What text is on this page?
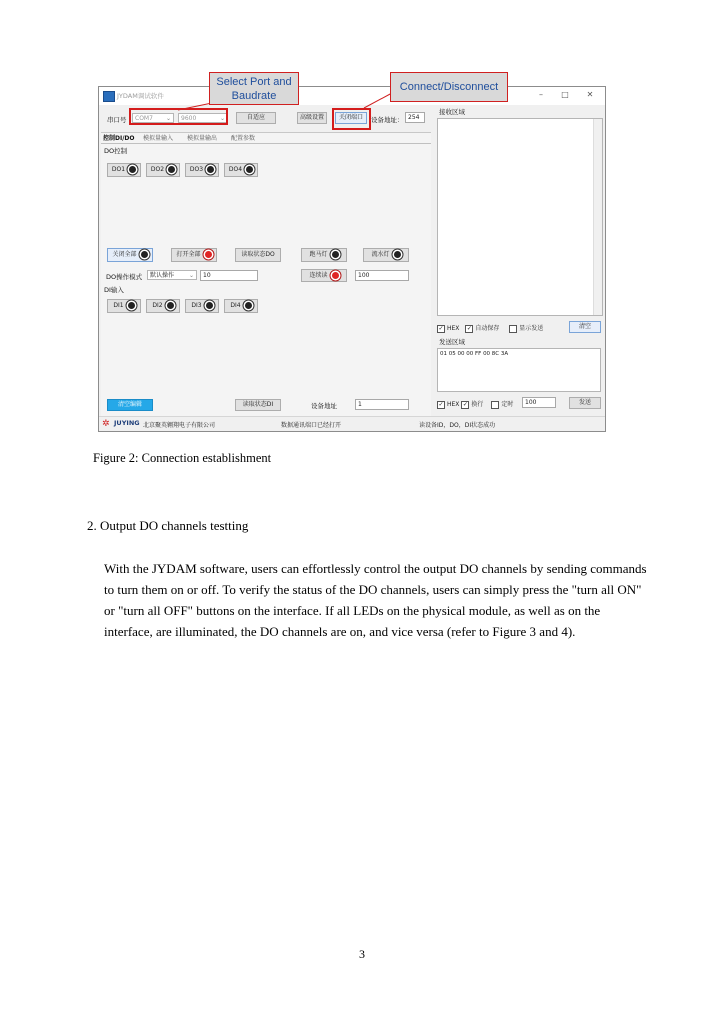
JYDAM调试软件	–	□	✕
串口号	COM7 ⌄	9600	⌄	自适应	高级设置	关闭端口	设备地址： 254
接收区域
控制DI/DO 模拟量输入 模拟量输出 配置参数
DO控制
DO1	DO2	DO3	DO4
关闭全部	打开全部	读取状态DO	跑马灯	流水灯
DO操作模式	默认操作 ⌄	10	连续读	100
DI输入
DI1	DI2	DI3	DI4
清空编辑	读取状态DI	设备地址	1
✓ HEX ✓ 自动保存	显示发送	清空
发送区域
01 05 00 00 FF 00 8C 3A
✓ HEX ✓ 换行	定时	100	发送
✲ JUYING 北京聚英翱翔电子有限公司	数据通讯端口已经打开	读设备ID，DO，DI状态成功
Select Port and Baudrate
Connect/Disconnect
Figure 2: Connection establishment
2. Output DO channels testting
With the JYDAM software, users can effortlessly control the output DO channels by sending commands to turn them on or off. To verify the status of the DO channels, users can simply press the "turn all ON" or "turn all OFF" buttons on the interface. If all LEDs on the physical module, as well as on the interface, are illuminated, the DO channels are on, and vice versa (refer to Figure 3 and 4).
3
